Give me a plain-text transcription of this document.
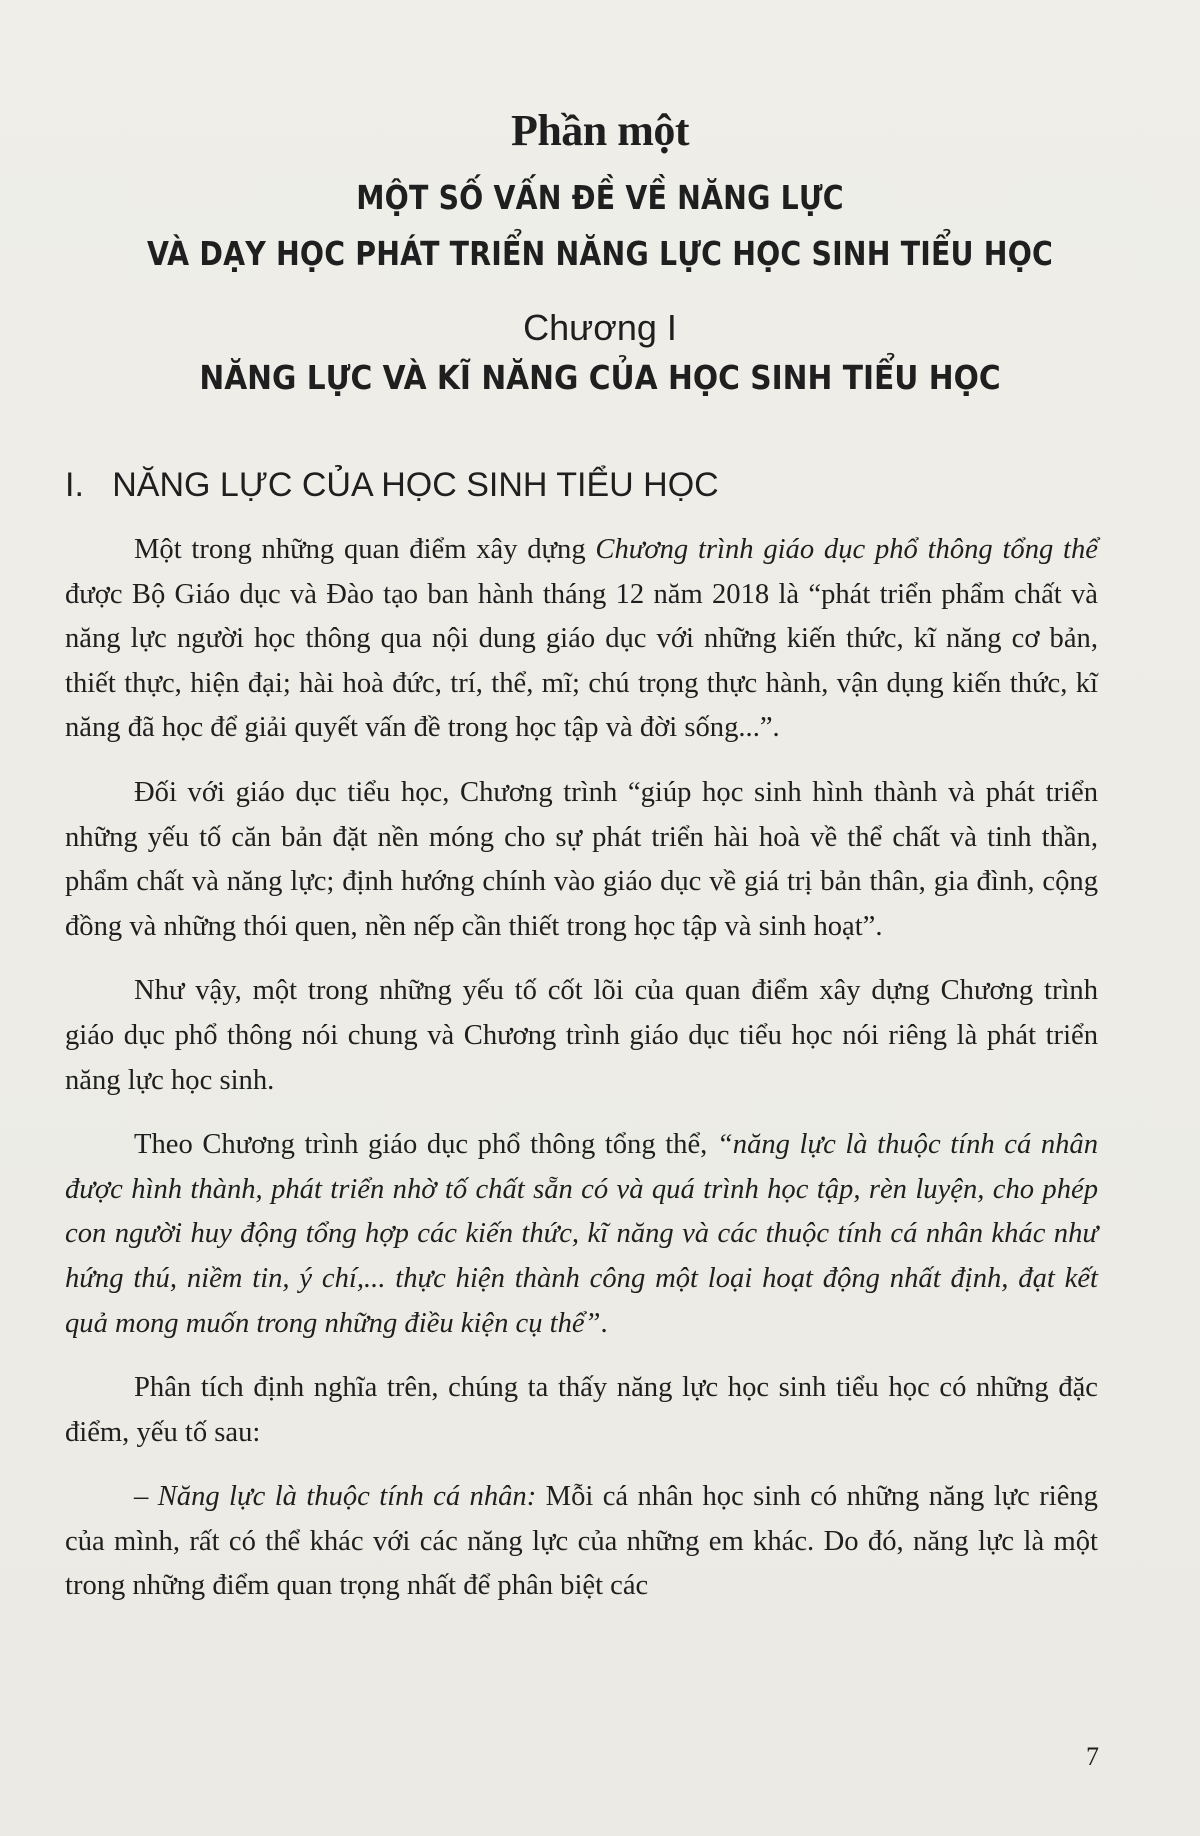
Phần một
MỘT SỐ VẤN ĐỀ VỀ NĂNG LỰC
VÀ DẠY HỌC PHÁT TRIỂN NĂNG LỰC HỌC SINH TIỂU HỌC
Chương I
NĂNG LỰC VÀ KĨ NĂNG CỦA HỌC SINH TIỂU HỌC
I.   NĂNG LỰC CỦA HỌC SINH TIỂU HỌC

Một trong những quan điểm xây dựng Chương trình giáo dục phổ thông tổng thể được Bộ Giáo dục và Đào tạo ban hành tháng 12 năm 2018 là “phát triển phẩm chất và năng lực người học thông qua nội dung giáo dục với những kiến thức, kĩ năng cơ bản, thiết thực, hiện đại; hài hoà đức, trí, thể, mĩ; chú trọng thực hành, vận dụng kiến thức, kĩ năng đã học để giải quyết vấn đề trong học tập và đời sống...”.

Đối với giáo dục tiểu học, Chương trình “giúp học sinh hình thành và phát triển những yếu tố căn bản đặt nền móng cho sự phát triển hài hoà về thể chất và tinh thần, phẩm chất và năng lực; định hướng chính vào giáo dục về giá trị bản thân, gia đình, cộng đồng và những thói quen, nền nếp cần thiết trong học tập và sinh hoạt”.

Như vậy, một trong những yếu tố cốt lõi của quan điểm xây dựng Chương trình giáo dục phổ thông nói chung và Chương trình giáo dục tiểu học nói riêng là phát triển năng lực học sinh.

Theo Chương trình giáo dục phổ thông tổng thể, “năng lực là thuộc tính cá nhân được hình thành, phát triển nhờ tố chất sẵn có và quá trình học tập, rèn luyện, cho phép con người huy động tổng hợp các kiến thức, kĩ năng và các thuộc tính cá nhân khác như hứng thú, niềm tin, ý chí,... thực hiện thành công một loại hoạt động nhất định, đạt kết quả mong muốn trong những điều kiện cụ thể”.

Phân tích định nghĩa trên, chúng ta thấy năng lực học sinh tiểu học có những đặc điểm, yếu tố sau:

– Năng lực là thuộc tính cá nhân: Mỗi cá nhân học sinh có những năng lực riêng của mình, rất có thể khác với các năng lực của những em khác. Do đó, năng lực là một trong những điểm quan trọng nhất để phân biệt các

7
